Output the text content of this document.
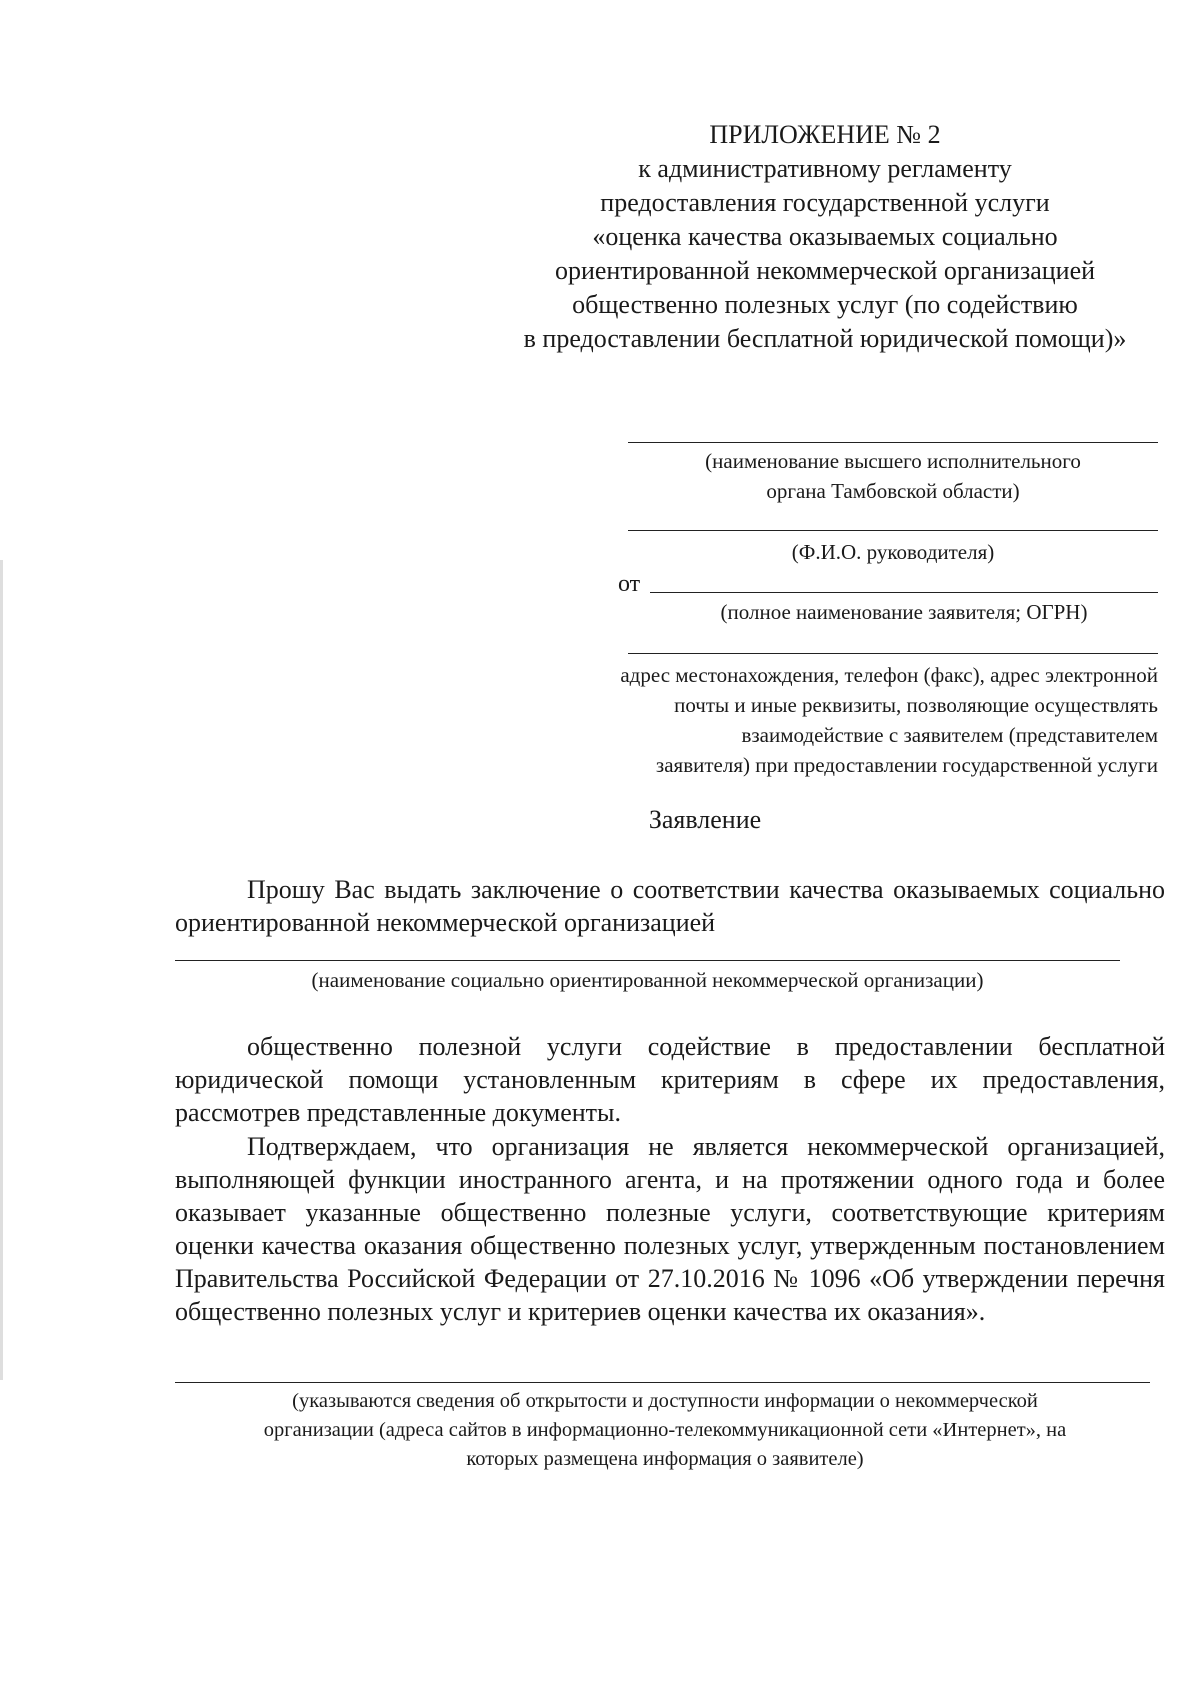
ПРИЛОЖЕНИЕ № 2
к административному регламенту
предоставления государственной услуги
«оценка качества оказываемых социально
ориентированной некоммерческой организацией
общественно полезных услуг (по содействию
в предоставлении бесплатной юридической помощи)»
(наименование высшего исполнительного
органа Тамбовской области)
(Ф.И.О. руководителя)
от
(полное наименование заявителя; ОГРН)
адрес местонахождения, телефон (факс), адрес электронной
почты и иные реквизиты, позволяющие осуществлять
взаимодействие с заявителем (представителем
заявителя) при предоставлении государственной услуги
Заявление
Прошу Вас выдать заключение о соответствии качества оказываемых социально ориентированной некоммерческой организацией
(наименование социально ориентированной некоммерческой организации)
общественно полезной услуги содействие в предоставлении бесплатной юридической помощи установленным критериям в сфере их предоставления, рассмотрев представленные документы.
Подтверждаем, что организация не является некоммерческой организацией, выполняющей функции иностранного агента, и на протяжении одного года и более оказывает указанные общественно полезные услуги, соответствующие критериям оценки качества оказания общественно полезных услуг, утвержденным постановлением Правительства Российской Федерации от 27.10.2016 № 1096 «Об утверждении перечня общественно полезных услуг и критериев оценки качества их оказания».
(указываются сведения об открытости и доступности информации о некоммерческой
организации (адреса сайтов в информационно-телекоммуникационной сети «Интернет», на
которых размещена информация о заявителе)
